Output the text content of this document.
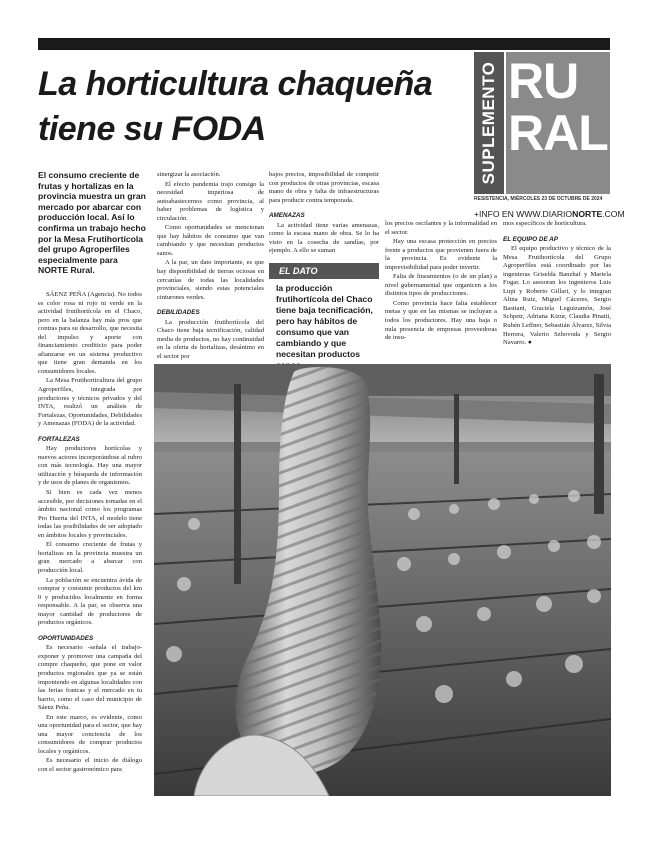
La horticultura chaqueña
tiene su FODA	SUPLEMENTO RU
RAL
RESISTENCIA, MIÉRCOLES 23 DE OCTUBRE DE 2024
+INFO EN WWW.DIARIONORTE.COM
El consumo creciente de frutas y hortalizas en la provincia muestra un gran mercado por abarcar con producción local. Así lo confirma un trabajo hecho por la Mesa Frutihortícola del grupo Agroperfiles especialmente para NORTE Rural.

SÁENZ PEÑA (Agencia). No todos es color rosa ni rojo ni verde en la actividad frutihortícola en el Chaco, pero en la balanza hay más pros que contras para su desarrollo, que necesita del impulso y aporte con financiamiento crediticio para poder afianzarse en un sistema productivo que tiene gran demanda en los consumidores locales.

La Mesa Frutihorticultura del grupo Agroperfiles, integrada por productores y técnicos privados y del INTA, realizó un análisis de Fortalezas, Oportunidades, Debilidades y Amenazas (FODA) de la actividad.

FORTALEZAS

Hay productores hortícolas y nuevos actores incorporándose al rubro con más tecnología. Hay una mayor utilización y búsqueda de información y de usos de planes de organismos.

Si bien es cada vez menos accesible, por decisiones tomadas en el ámbito nacional como los programas Pro Huerta del INTA, el modelo tiene todas las posibilidades de ser adoptado en ámbitos locales y provinciales.

El consumo creciente de frutas y hortalizas en la provincia muestra un gran mercado a abarcar con producción local.

La población se encuentra ávida de comprar y consumir productos del km 0 y producidos localmente en forma responsable. A la par, se observa una mayor cantidad de productores de productos orgánicos.

OPORTUNIDADES

Es necesario -señala el trabajo- exponer y promover una campaña del compre chaqueño, que pone en valor productos regionales que ya se están imponiendo en algunas localidades con las ferias francas y el mercado en tu barrio, como el caso del municipio de Sáenz Peña.

En este marco, es evidente, como una oportunidad para el sector, que hay una mayor conciencia de los consumidores de comprar productos locales y orgánicos.

Es necesario el inicio de diálogo con el sector gastronómico para

sinergizar la asociación.

El efecto pandemia trajo consigo la necesidad imperiosa de autoabastecernos como provincia, al haber problemas de logística y circulación.

Como oportunidades se mencionan que hay hábitos de consumo que van cambiando y que necesitan productos sanos.

A la par, un dato importante, es que hay disponibilidad de tierras ociosas en cercanías de todas las localidades provinciales, siendo estas potenciales cinturones verdes.

DEBILIDADES

La producción frutihortícola del Chaco tiene baja tecnificación, calidad media de productos, no hay continuidad en la oferta de hortalizas, desánimo en el sector por

bajos precios, imposibilidad de competir con productos de otras provincias, escasa mano de obra y falta de infraestructuras para producir contra temporada.

AMENAZAS

La actividad tiene varias amenazas, como la escasa mano de obra. Se lo ha visto en la cosecha de sandías, por ejemplo. A ello se suman

EL DATO
la producción frutihortícola del Chaco tiene baja tecnificación, pero hay hábitos de consumo que van cambiando y que necesitan productos

los precios oscilantes y la informalidad en el sector.

Hay una escasa protección en precios frente a productos que provienen fuera de la provincia. Es evidente la imprevisibilidad para poder invertir.

Falta de lineamientos (o de un plan) a nivel gubernamental que organicen a los distintos tipos de producciones.

Como provincia hace falta establecer metas y que en las mismas se incluyan a todos los productores. Hay una baja o nula presencia de empresas proveedoras de insu-

mos específicos de horticultura.

EL EQUIPO DE AP

El equipo productivo y técnico de la Mesa Frutihortícola del Grupo Agroperfiles está coordinado por las ingenieras Griselda Banzhaf y Mariela Fogar. Lo asesoran los ingenieros Luis Lupi y Roberto Gillari, y lo integran Alina Ruiz, Miguel Cáceres, Sergio Bastiani, Graciela Leguizamón, José Schpetr, Adriana Kizur, Claudia Pinatti, Rubén Leffner, Sebastián Álvarez, Silvia Herrera, Valerio Szbovoda y Sergio Navarro. ●
